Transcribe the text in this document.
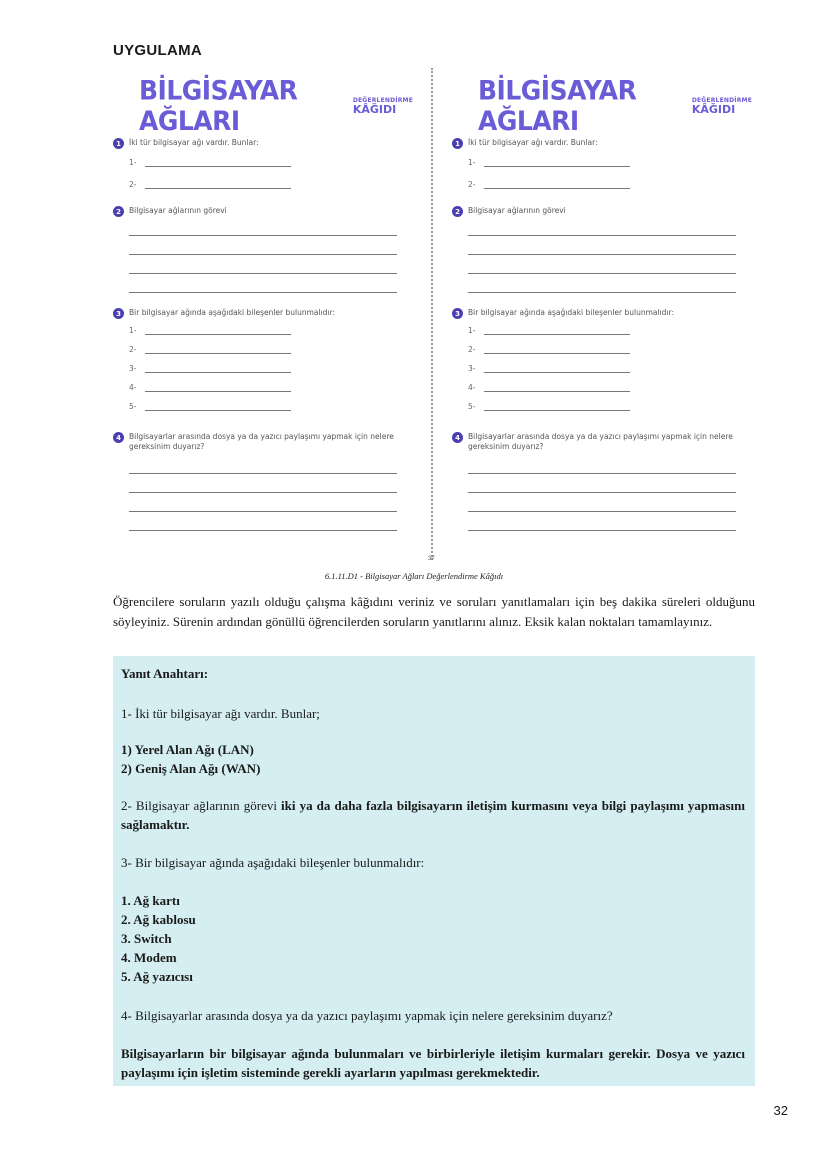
UYGULAMA
BİLGİSAYAR AĞLARI
DEĞERLENDİRME
KÂĞIDI
1	İki tür bilgisayar ağı vardır. Bunlar:
1-
2-
2	Bilgisayar ağlarının görevi
3	Bir bilgisayar ağında aşağıdaki bileşenler bulunmalıdır:
1-
2-
3-
4-
5-
4	Bilgisayarlar arasında dosya ya da yazıcı paylaşımı yapmak için nelere gereksinim duyarız?
BİLGİSAYAR AĞLARI
DEĞERLENDİRME
KÂĞIDI
1	İki tür bilgisayar ağı vardır. Bunlar:
1-
2-
2	Bilgisayar ağlarının görevi
3	Bir bilgisayar ağında aşağıdaki bileşenler bulunmalıdır:
1-
2-
3-
4-
5-
4	Bilgisayarlar arasında dosya ya da yazıcı paylaşımı yapmak için nelere gereksinim duyarız?
37
6.1.11.D1 - Bilgisayar Ağları Değerlendirme Kâğıdı
Öğrencilere soruların yazılı olduğu çalışma kâğıdını veriniz ve soruları yanıtlamaları için beş dakika süreleri olduğunu söyleyiniz. Sürenin ardından gönüllü öğrencilerden soruların yanıtlarını alınız. Eksik kalan noktaları tamamlayınız.
Yanıt Anahtarı:
1- İki tür bilgisayar ağı vardır. Bunlar;
1) Yerel Alan Ağı (LAN)
2) Geniş Alan Ağı (WAN)
2- Bilgisayar ağlarının görevi iki ya da daha fazla bilgisayarın iletişim kurmasını veya bilgi paylaşımı yapmasını sağlamaktır.
3- Bir bilgisayar ağında aşağıdaki bileşenler bulunmalıdır:
1. Ağ kartı
2. Ağ kablosu
3. Switch
4. Modem
5. Ağ yazıcısı
4- Bilgisayarlar arasında dosya ya da yazıcı paylaşımı yapmak için nelere gereksinim duyarız?
Bilgisayarların bir bilgisayar ağında bulunmaları ve birbirleriyle iletişim kurmaları gerekir. Dosya ve yazıcı paylaşımı için işletim sisteminde gerekli ayarların yapılması gerekmektedir.
32
